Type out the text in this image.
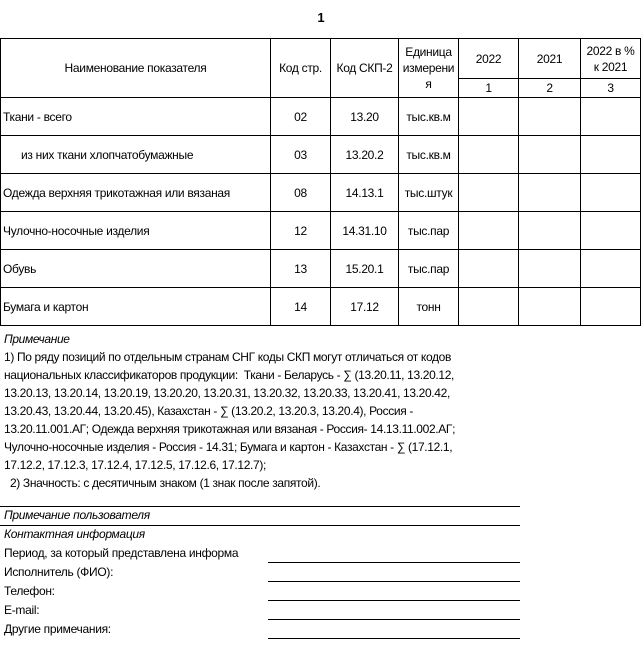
1
Наименование показателя	Код стр.	Код СКП-2	Единица измерения	2022	2021	2022 в % к 2021
				1	2	3
Ткани - всего	02	13.20	тыс.кв.м			
из них ткани хлопчатобумажные	03	13.20.2	тыс.кв.м			
Одежда верхняя трикотажная или вязаная	08	14.13.1	тыс.штук			
Чулочно-носочные изделия	12	14.31.10	тыс.пар			
Обувь	13	15.20.1	тыс.пар			
Бумага и картон	14	17.12	тонн			
Примечание
1) По ряду позиций по отдельным странам СНГ коды СКП могут отличаться от кодов
национальных классификаторов продукции:  Ткани - Беларусь - ∑ (13.20.11, 13.20.12,
13.20.13, 13.20.14, 13.20.19, 13.20.20, 13.20.31, 13.20.32, 13.20.33, 13.20.41, 13.20.42,
13.20.43, 13.20.44, 13.20.45), Казахстан - ∑ (13.20.2, 13.20.3, 13.20.4), Россия -
13.20.11.001.АГ; Одежда верхняя трикотажная или вязаная - Россия- 14.13.11.002.АГ;
Чулочно-носочные изделия - Россия - 14.31; Бумага и картон - Казахстан - ∑ (17.12.1,
17.12.2, 17.12.3, 17.12.4, 17.12.5, 17.12.6, 17.12.7);
2) Значность: с десятичным знаком (1 знак после запятой).
Примечание пользователя
Контактная информация
Период, за который представлена информа
Исполнитель (ФИО):
Телефон:
E-mail:
Другие примечания:
